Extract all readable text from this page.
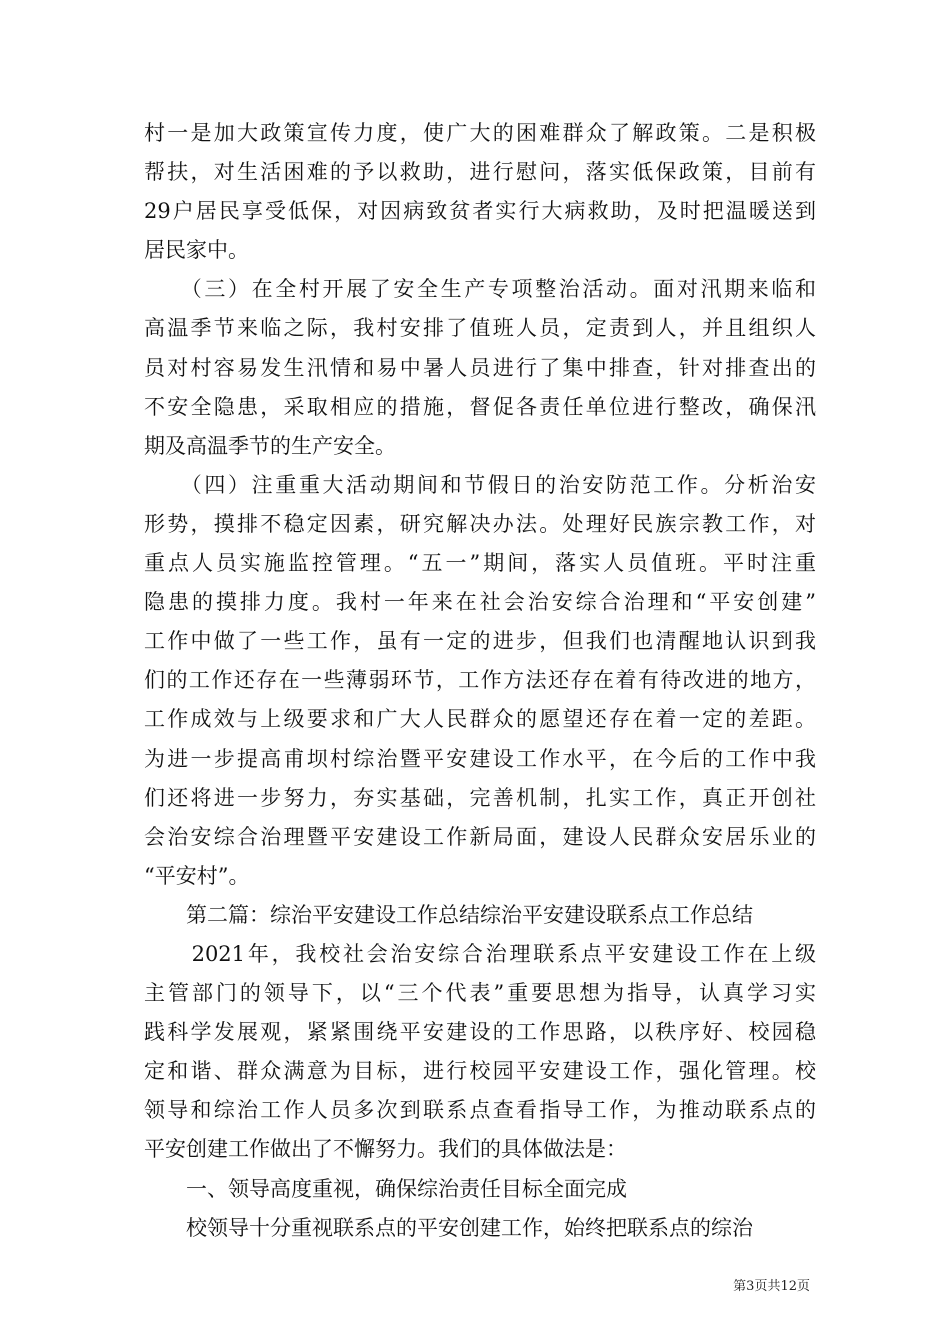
村一是加大政策宣传力度，使广大的困难群众了解政策。二是积极
帮扶，对生活困难的予以救助，进行慰问，落实低保政策，目前有
29户居民享受低保，对因病致贫者实行大病救助，及时把温暖送到
居民家中。
　　（三）在全村开展了安全生产专项整治活动。面对汛期来临和
高温季节来临之际，我村安排了值班人员，定责到人，并且组织人
员对村容易发生汛情和易中暑人员进行了集中排查，针对排查出的
不安全隐患，采取相应的措施，督促各责任单位进行整改，确保汛
期及高温季节的生产安全。
　　（四）注重重大活动期间和节假日的治安防范工作。分析治安
形势，摸排不稳定因素，研究解决办法。处理好民族宗教工作，对
重点人员实施监控管理。“五一”期间，落实人员值班。平时注重
隐患的摸排力度。我村一年来在社会治安综合治理和“平安创建”
工作中做了一些工作，虽有一定的进步，但我们也清醒地认识到我
们的工作还存在一些薄弱环节，工作方法还存在着有待改进的地方，
工作成效与上级要求和广大人民群众的愿望还存在着一定的差距。
为进一步提高甫坝村综治暨平安建设工作水平，在今后的工作中我
们还将进一步努力，夯实基础，完善机制，扎实工作，真正开创社
会治安综合治理暨平安建设工作新局面，建设人民群众安居乐业的
“平安村”。
　　第二篇：综治平安建设工作总结综治平安建设联系点工作总结
　　2021年，我校社会治安综合治理联系点平安建设工作在上级
主管部门的领导下，以“三个代表”重要思想为指导，认真学习实
践科学发展观，紧紧围绕平安建设的工作思路，以秩序好、校园稳
定和谐、群众满意为目标，进行校园平安建设工作，强化管理。校
领导和综治工作人员多次到联系点查看指导工作，为推动联系点的
平安创建工作做出了不懈努力。我们的具体做法是：
　　一、领导高度重视，确保综治责任目标全面完成
　　校领导十分重视联系点的平安创建工作，始终把联系点的综治
第3页共12页
